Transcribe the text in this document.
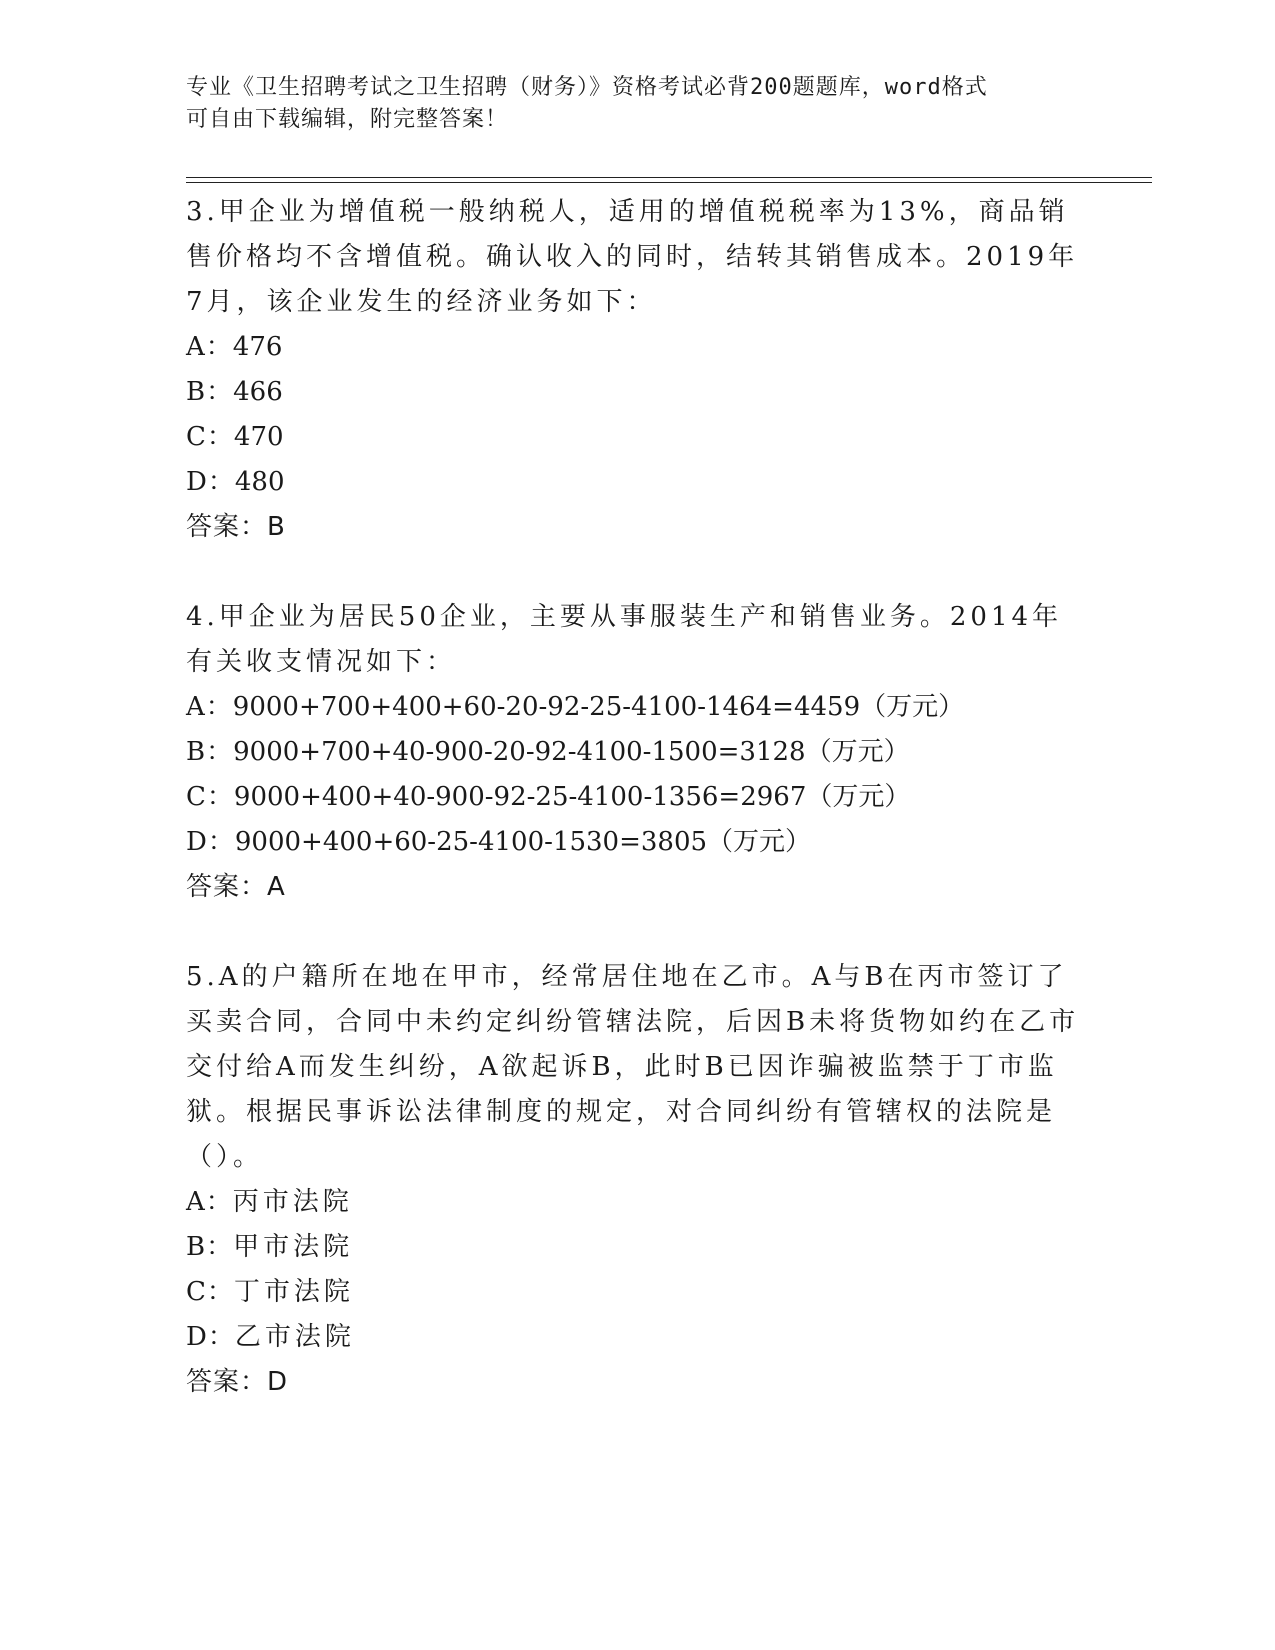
专业《卫生招聘考试之卫生招聘（财务）》资格考试必背200题题库，word格式
可自由下载编辑，附完整答案！

3.甲企业为增值税一般纳税人，适用的增值税税率为13%，商品销售价格均不含增值税。确认收入的同时，结转其销售成本。2019年7月，该企业发生的经济业务如下：

A： 476
B： 466
C： 470
D： 480
答案：B

4.甲企业为居民50企业，主要从事服装生产和销售业务。2014年有关收支情况如下：

A： 9000+700+400+60-20-92-25-4100-1464=4459（万元）
B： 9000+700+40-900-20-92-4100-1500=3128（万元）
C： 9000+400+40-900-92-25-4100-1356=2967（万元）
D： 9000+400+60-25-4100-1530=3805（万元）
答案：A

5.A的户籍所在地在甲市，经常居住地在乙市。A与B在丙市签订了买卖合同，合同中未约定纠纷管辖法院，后因B未将货物如约在乙市交付给A而发生纠纷，A欲起诉B，此时B已因诈骗被监禁于丁市监狱。根据民事诉讼法律制度的规定，对合同纠纷有管辖权的法院是（）。

A： 丙市法院
B： 甲市法院
C： 丁市法院
D： 乙市法院
答案：D
